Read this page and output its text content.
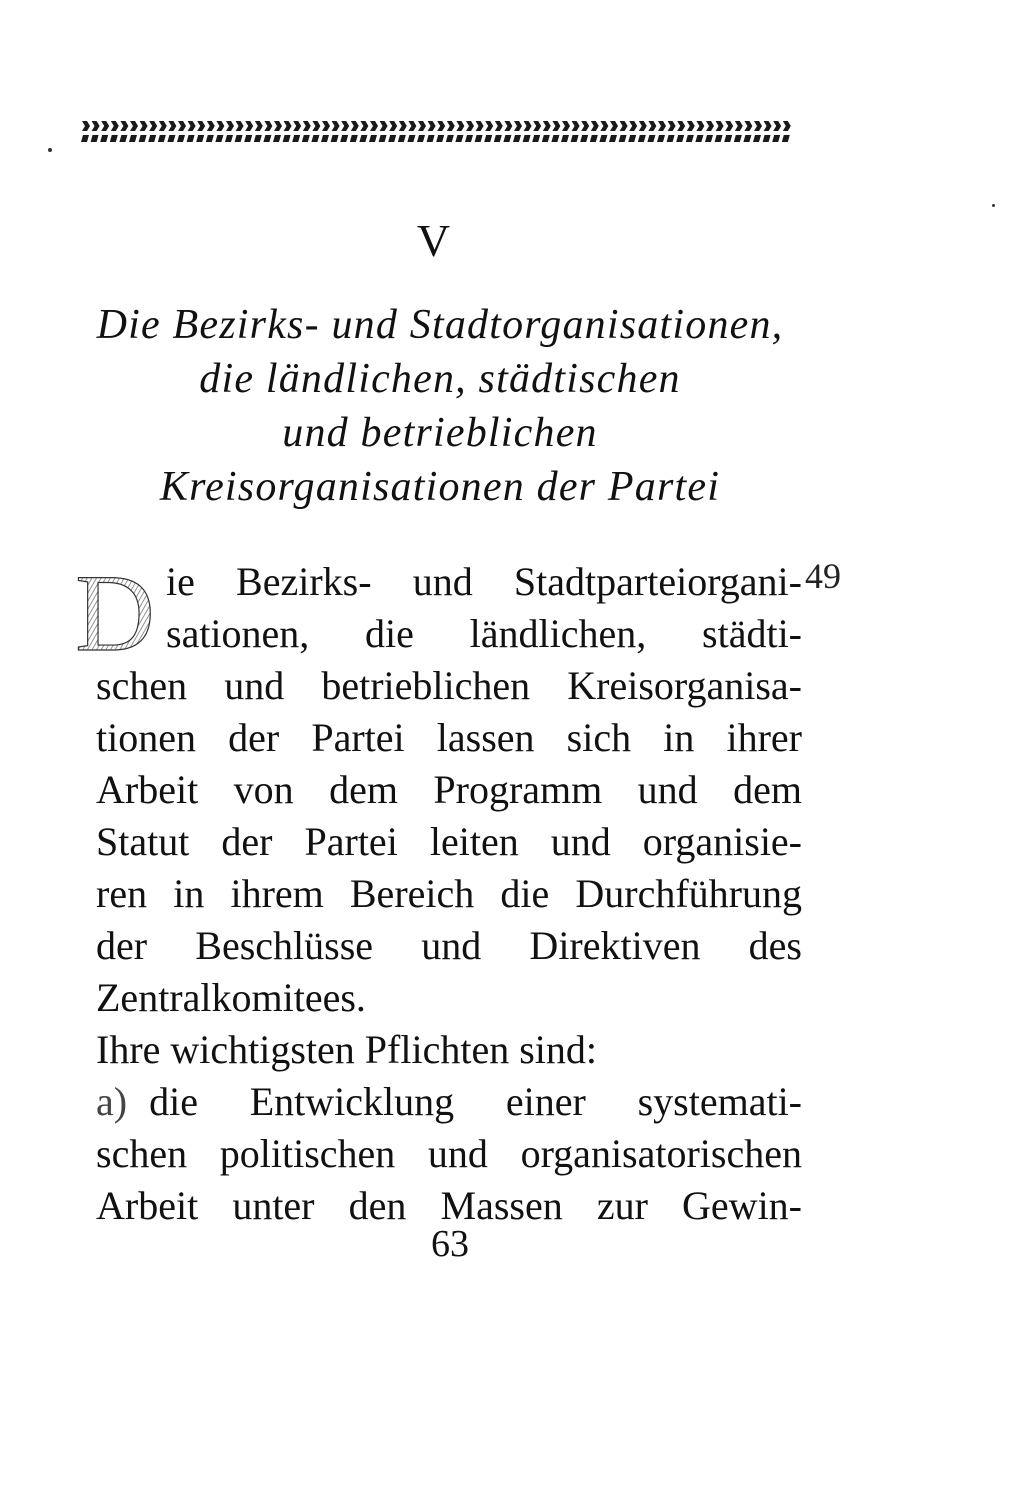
V
Die Bezirks- und Stadtorganisationen,
die ländlichen, städtischen
und betrieblichen
Kreisorganisationen der Partei
49
D ie Bezirks- und Stadtparteiorgani-
sationen, die ländlichen, städti-
schen und betrieblichen Kreisorganisa-
tionen der Partei lassen sich in ihrer
Arbeit von dem Programm und dem
Statut der Partei leiten und organisie-
ren in ihrem Bereich die Durchführung
der Beschlüsse und Direktiven des
Zentralkomitees.
Ihre wichtigsten Pflichten sind:
a) die Entwicklung einer systemati-
schen politischen und organisatorischen
Arbeit unter den Massen zur Gewin-
63
